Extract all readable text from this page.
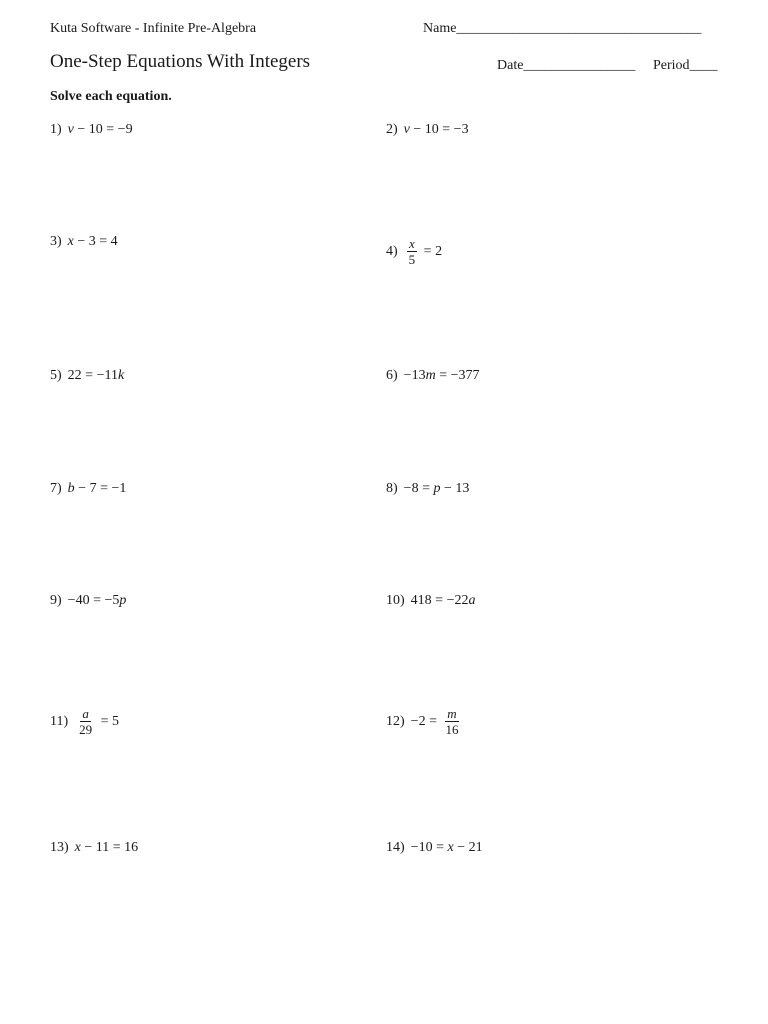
Kuta Software - Infinite Pre-Algebra	Name___________________________________
One-Step Equations With Integers	Date________________ Period____
Solve each equation.
1) v − 10 = −9	2) v − 10 = −3
3) x − 3 = 4
$4) \frac{x}{5} = 2$
5) 22 = −11 k	6) −13 m = −377
7) b − 7 = −1	8) −8 = p − 13
9) −40 = −5 p	10) 418 = −22 a
$11) \frac{a}{29} = 5$	$12) -2 = \frac{m}{16}$
13) x − 11 = 16	14) −10 = x − 21
